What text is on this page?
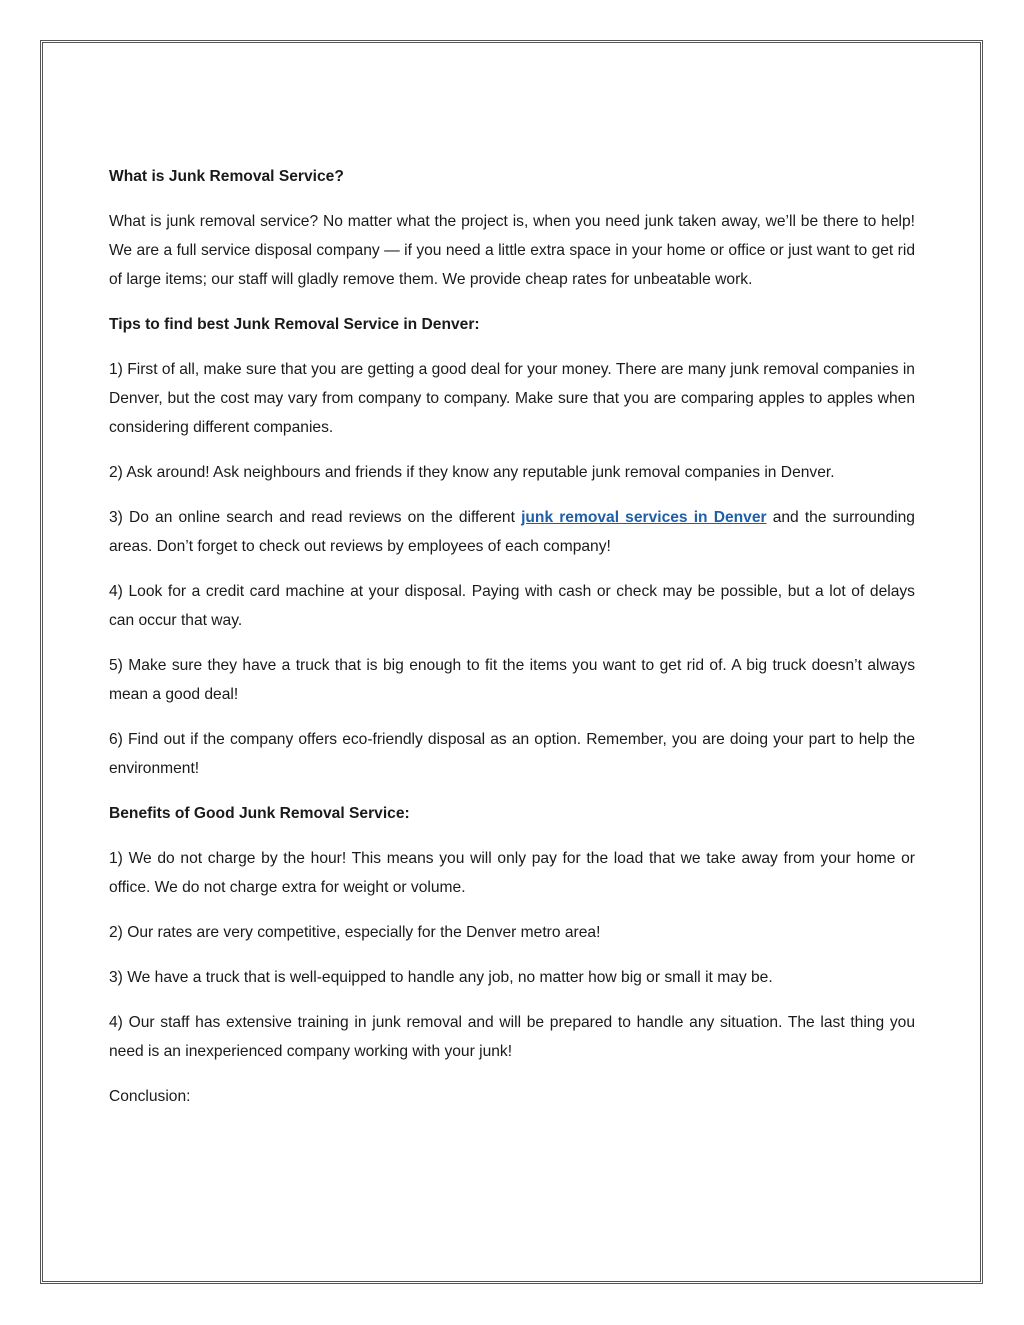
What is Junk Removal Service?

What is junk removal service? No matter what the project is, when you need junk taken away, we’ll be there to help! We are a full service disposal company — if you need a little extra space in your home or office or just want to get rid of large items; our staff will gladly remove them. We provide cheap rates for unbeatable work.

Tips to find best Junk Removal Service in Denver:

1) First of all, make sure that you are getting a good deal for your money. There are many junk removal companies in Denver, but the cost may vary from company to company. Make sure that you are comparing apples to apples when considering different companies.

2) Ask around! Ask neighbours and friends if they know any reputable junk removal companies in Denver.

3) Do an online search and read reviews on the different junk removal services in Denver and the surrounding areas. Don’t forget to check out reviews by employees of each company!

4) Look for a credit card machine at your disposal. Paying with cash or check may be possible, but a lot of delays can occur that way.

5) Make sure they have a truck that is big enough to fit the items you want to get rid of. A big truck doesn’t always mean a good deal!

6) Find out if the company offers eco-friendly disposal as an option. Remember, you are doing your part to help the environment!

Benefits of Good Junk Removal Service:

1) We do not charge by the hour! This means you will only pay for the load that we take away from your home or office. We do not charge extra for weight or volume.

2) Our rates are very competitive, especially for the Denver metro area!

3) We have a truck that is well-equipped to handle any job, no matter how big or small it may be.

4) Our staff has extensive training in junk removal and will be prepared to handle any situation. The last thing you need is an inexperienced company working with your junk!

Conclusion:
